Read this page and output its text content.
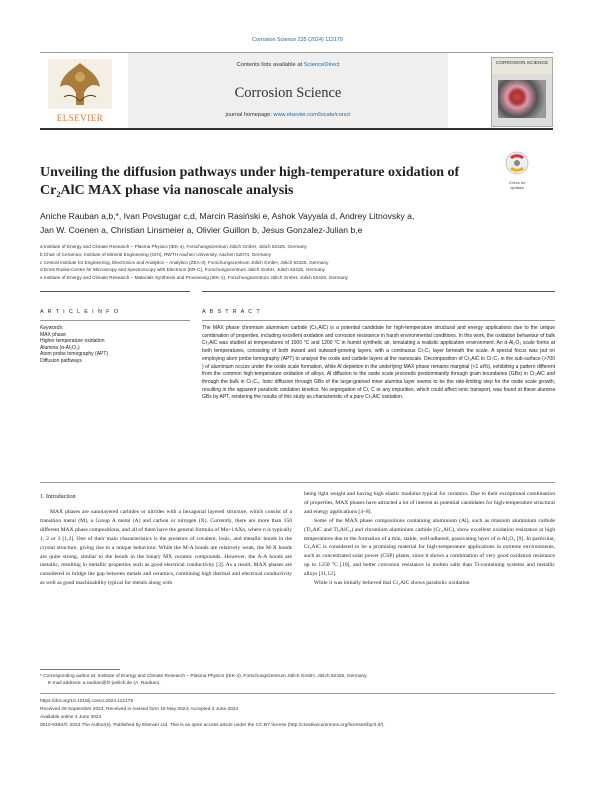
Corrosion Science 235 (2024) 112179
ELSEVIER
Contents lists available at ScienceDirect
Corrosion Science
journal homepage: www.elsevier.com/locate/corsci
CORROSION SCIENCE
Unveiling the diffusion pathways under high-temperature oxidation of
Cr₂AlC MAX phase via nanoscale analysis	Check for updates
Aniche Rauban a,b,*, Ivan Povstugar c,d, Marcin Rasiński e, Ashok Vayyala d, Andrey Litnovsky a,
Jan W. Coenen a, Christian Linsmeier a, Olivier Guillon b, Jesus Gonzalez-Julian b,e
a Institute of Energy and Climate Research – Plasma Physics (IEK-4), Forschungszentrum Jülich GmbH, Jülich 52425, Germany
b Chair of Ceramics, Institute of Mineral Engineering (GHI), RWTH Aachen University, Aachen 52074, Germany
c Central Institute for Engineering, Electronics and Analytics – Analytics (ZEA-3), Forschungszentrum Jülich GmbH, Jülich 52425, Germany
d Ernst Ruska-Centre for Microscopy and Spectroscopy with Electrons (ER-C), Forschungszentrum Jülich GmbH, Jülich 52425, Germany
e Institute of Energy and Climate Research – Materials Synthesis and Processing (IEK-1), Forschungszentrum Jülich GmbH, Jülich 52425, Germany
A R T I C L E I N F O	A B S T R A C T
Keywords:
MAX phase
Higher temperature oxidation
Alumina (α-Al₂O₃)
Atom probe tomography (APT)
Diffusion pathways
The MAX phase chromium aluminium carbide (Cr₂AlC) is a potential candidate for high-temperature structural and energy applications due to the unique combination of properties, including excellent oxidation and corrosion resistance in harsh environmental conditions. In this work, the oxidation behaviour of bulk Cr₂AlC was studied at temperatures of 1000 °C and 1200 °C in humid synthetic air, simulating a realistic application environment. An α-Al₂O₃ scale forms at both temperatures, consisting of both inward and outward-growing layers, with a continuous Cr₇C₃ layer beneath the scale. A special focus was put on employing atom probe tomography (APT) to analyse the oxide and carbide layers at the nanoscale. Decomposition of Cr₂AlC to Cr₇C₃ in the sub-surface (>700 ) of aluminium occurs under the oxide scale formation, while Al depletion in the underlying MAX phase remains marginal (<1 at%), exhibiting a pattern different from the common high-temperature oxidation of alloys. Al diffusion to the oxide scale proceeds predominantly through grain boundaries (GBs) in Cr₂AlC and through the bulk in Cr₇C₃. Ionic diffusion through GBs of the large-grained inner alumina layer seems to be the rate-limiting step for the oxide scale growth, resulting in the apparent parabolic oxidation kinetics. No segregation of Cr, C or any impurities, which could affect ionic transport, was found at these alumina GBs by APT, rendering the results of this study as characteristic of a pure Cr₂AlC oxidation.
1. Introduction
MAX phases are nanolayered carbides or nitrides with a hexagonal layered structure, which consist of a transition metal (M), a Group A metal (A) and carbon or nitrogen (X). Currently, there are more than 150 different MAX phase compositions, and all of them have the general formula of Mn+1AXn, where n is typically 1, 2 or 3 [1,2]. One of their main characteristics is the presence of covalent, ionic, and metallic bonds in the crystal structure, giving rise to a unique behaviour. While the M-A bonds are relatively weak, the M-X bonds are quite strong, similar to the bonds in the binary MX ceramic compounds. However, the A-A bonds are metallic, resulting in metallic properties such as good electrical conductivity [3]. As a result, MAX phases are considered to bridge the gap between metals and ceramics, combining high thermal and electrical conductivity as well as good machinability typical for metals along with
being light weight and having high elastic modulus typical for ceramics. Due to their exceptional combination of properties, MAX phases have attracted a lot of interest as potential candidates for high-temperature structural and energy applications [4–8].
Some of the MAX phase compositions containing aluminium (Al), such as titanium aluminium carbide (Ti₂AlC and Ti₃AlC₂) and chromium aluminium carbide (Cr₂AlC), show excellent oxidation resistance at high temperatures due to the formation of a thin, stable, well-adhered, passivating layer of α-Al₂O₃ [9]. In particular, Cr₂AlC is considered to be a promising material for high-temperature applications in extreme environments, such as concentrated solar power (CSP) plants, since it shows a combination of very good oxidation resistance up to 1250 °C [10], and better corrosion resistance in molten salts than Ti-containing systems and metallic alloys [11,12].
While it was initially believed that Cr₂AlC shows parabolic oxidation
* Corresponding author at: Institute of Energy and Climate Research – Plasma Physics (IEK-4), Forschungszentrum Jülich GmbH, Jülich 52425, Germany.
E-mail address: a.rauban@fz-juelich.de (A. Rauban).
https://doi.org/10.1016/j.corsci.2024.112179
Received 29 September 2023; Received in revised form 19 May 2024; Accepted 3 June 2024
Available online 4 June 2024
0010-938X/© 2024 The Author(s). Published by Elsevier Ltd. This is an open access article under the CC BY license (http://creativecommons.org/licenses/by/4.0/).
